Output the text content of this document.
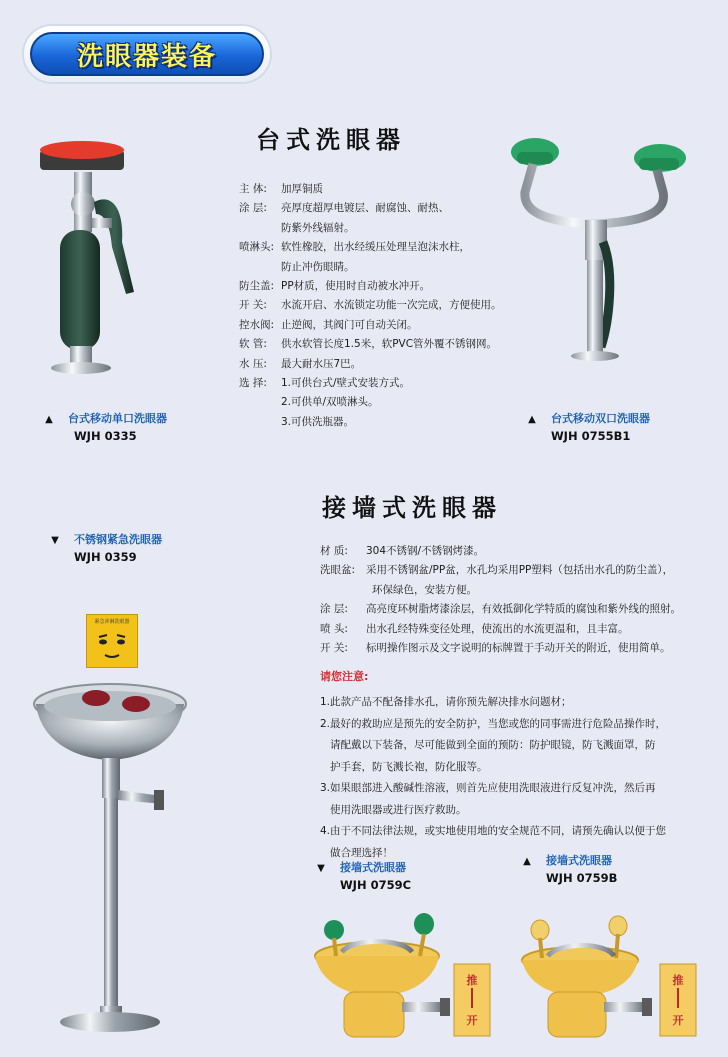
洗眼器装备
台式洗眼器
主 体:	加厚铜质
涂 层:	亮厚度超厚电镀层、耐腐蚀、耐热、
防紫外线辐射。
喷淋头: 软性橡胶，出水经缓压处理呈泡沫水柱，
防止冲伤眼睛。
防尘盖: PP材质，使用时自动被水冲开。
开 关:	水流开启、水流锁定功能一次完成，方便使用。
控水阀: 止逆阀，其阀门可自动关闭。
软 管:	供水软管长度1.5米，软PVC管外覆不锈钢网。
水 压:	最大耐水压7巴。
选 择:	1.可供台式/壁式安装方式。
2.可供单/双喷淋头。
3.可供洗瓶器。
▲ 台式移动单口洗眼器
WJH 0335
▲ 台式移动双口洗眼器
WJH 0755B1
接墙式洗眼器
▼ 不锈钢紧急洗眼器
WJH 0359	材 质:	304不锈钢/不锈钢烤漆。
洗眼盆:	采用不锈钢盆/PP盆，水孔均采用PP塑料（包括出水孔的防尘盖），
环保绿色，安装方便。
涂 层:	高亮度环树脂烤漆涂层，有效抵御化学特质的腐蚀和紫外线的照射。
喷 头:	出水孔经特殊变径处理，使流出的水流更温和，且丰富。
开 关:	标明操作图示及文字说明的标牌置于手动开关的附近，使用简单。
请您注意:
1.此款产品不配备排水孔，请你预先解决排水问题材；
2.最好的救助应是预先的安全防护，当您或您的同事需进行危险品操作时，
请配戴以下装备，尽可能做到全面的预防：防护眼镜，防飞溅面罩，防
护手套，防飞溅长袍，防化服等。
3.如果眼部进入酸碱性溶液，则首先应使用洗眼液进行反复冲洗，然后再
使用洗眼器或进行医疗救助。
4.由于不同法律法规，或实地使用地的安全规范不同，请预先确认以便于您
做合理选择！
紧急冲淋洗眼器
▼ 接墙式洗眼器
WJH 0759C
▲ 接墙式洗眼器
WJH 0759B
推
开
推
开
